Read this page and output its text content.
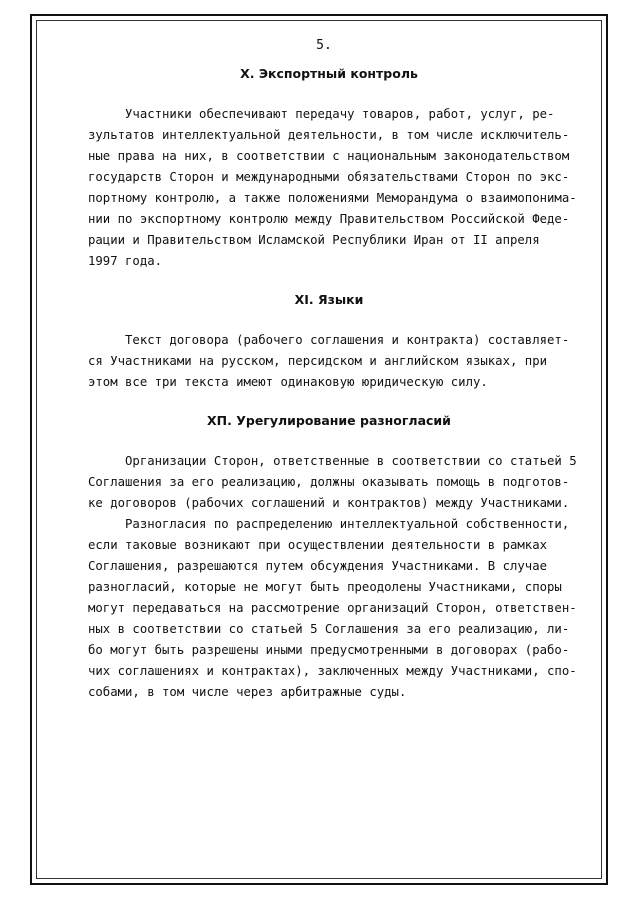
5.
X. Экспортный контроль
Участники обеспечивают передачу товаров, работ, услуг, ре-
зультатов интеллектуальной деятельности, в том числе исключитель-
ные права на них, в соответствии с национальным законодательством
государств Сторон и международными обязательствами Сторон по экс-
портному контролю, а также положениями Меморандума о взаимопонима-
нии по экспортному контролю между Правительством Российской Феде-
рации и Правительством Исламской Республики Иран от II апреля
1997 года.
XI. Языки
Текст договора (рабочего соглашения и контракта) составляет-
ся Участниками на русском, персидском и английском языках, при
этом все три текста имеют одинаковую юридическую силу.
XП. Урегулирование разногласий
Организации Сторон, ответственные в соответствии со статьей 5
Соглашения за его реализацию, должны оказывать помощь в подготов-
ке договоров (рабочих соглашений и контрактов) между Участниками.
Разногласия по распределению интеллектуальной собственности,
если таковые возникают при осуществлении деятельности в рамках
Соглашения, разрешаются путем обсуждения Участниками. В случае
разногласий, которые не могут быть преодолены Участниками, споры
могут передаваться на рассмотрение организаций Сторон, ответствен-
ных в соответствии со статьей 5 Соглашения за его реализацию, ли-
бо могут быть разрешены иными предусмотренными в договорах (рабо-
чих соглашениях и контрактах), заключенных между Участниками, спо-
собами, в том числе через арбитражные суды.
